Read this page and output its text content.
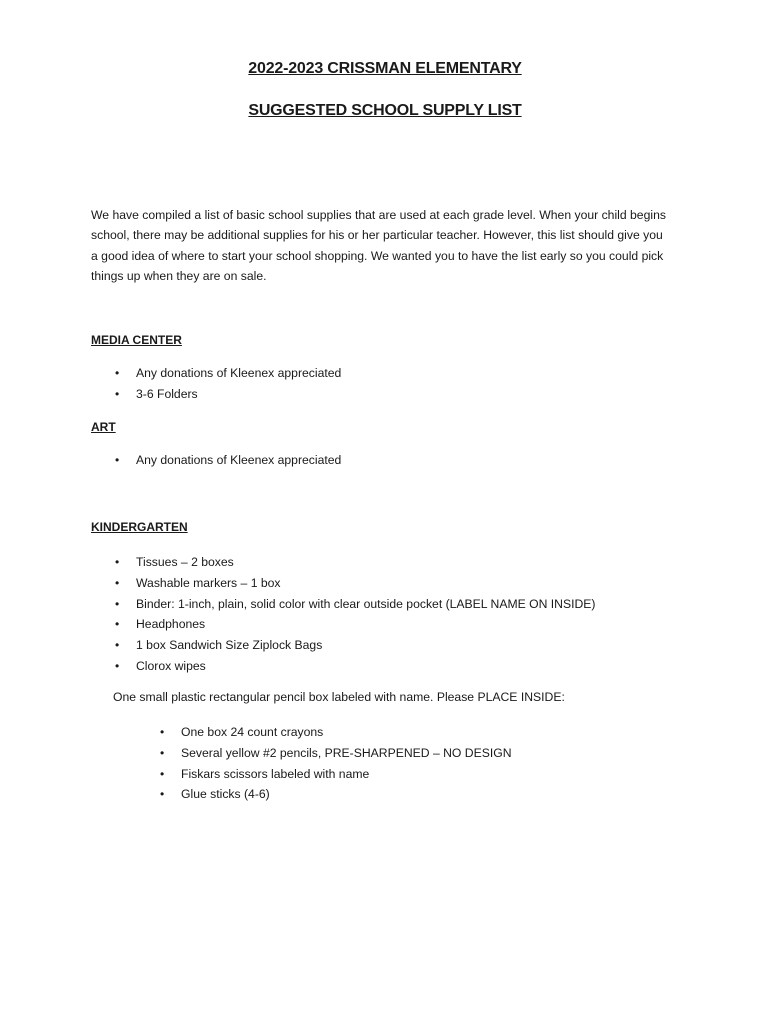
2022-2023 CRISSMAN ELEMENTARY
SUGGESTED SCHOOL SUPPLY LIST

We have compiled a list of basic school supplies that are used at each grade level. When your child begins school, there may be additional supplies for his or her particular teacher. However, this list should give you a good idea of where to start your school shopping. We wanted you to have the list early so you could pick things up when they are on sale.

MEDIA CENTER

• Any donations of Kleenex appreciated
• 3-6 Folders

ART

• Any donations of Kleenex appreciated

KINDERGARTEN

• Tissues – 2 boxes
• Washable markers – 1 box
• Binder: 1-inch, plain, solid color with clear outside pocket (LABEL NAME ON INSIDE)
• Headphones
• 1 box Sandwich Size Ziplock Bags
• Clorox wipes

One small plastic rectangular pencil box labeled with name. Please PLACE INSIDE:

• One box 24 count crayons
• Several yellow #2 pencils, PRE-SHARPENED – NO DESIGN
• Fiskars scissors labeled with name
• Glue sticks (4-6)
